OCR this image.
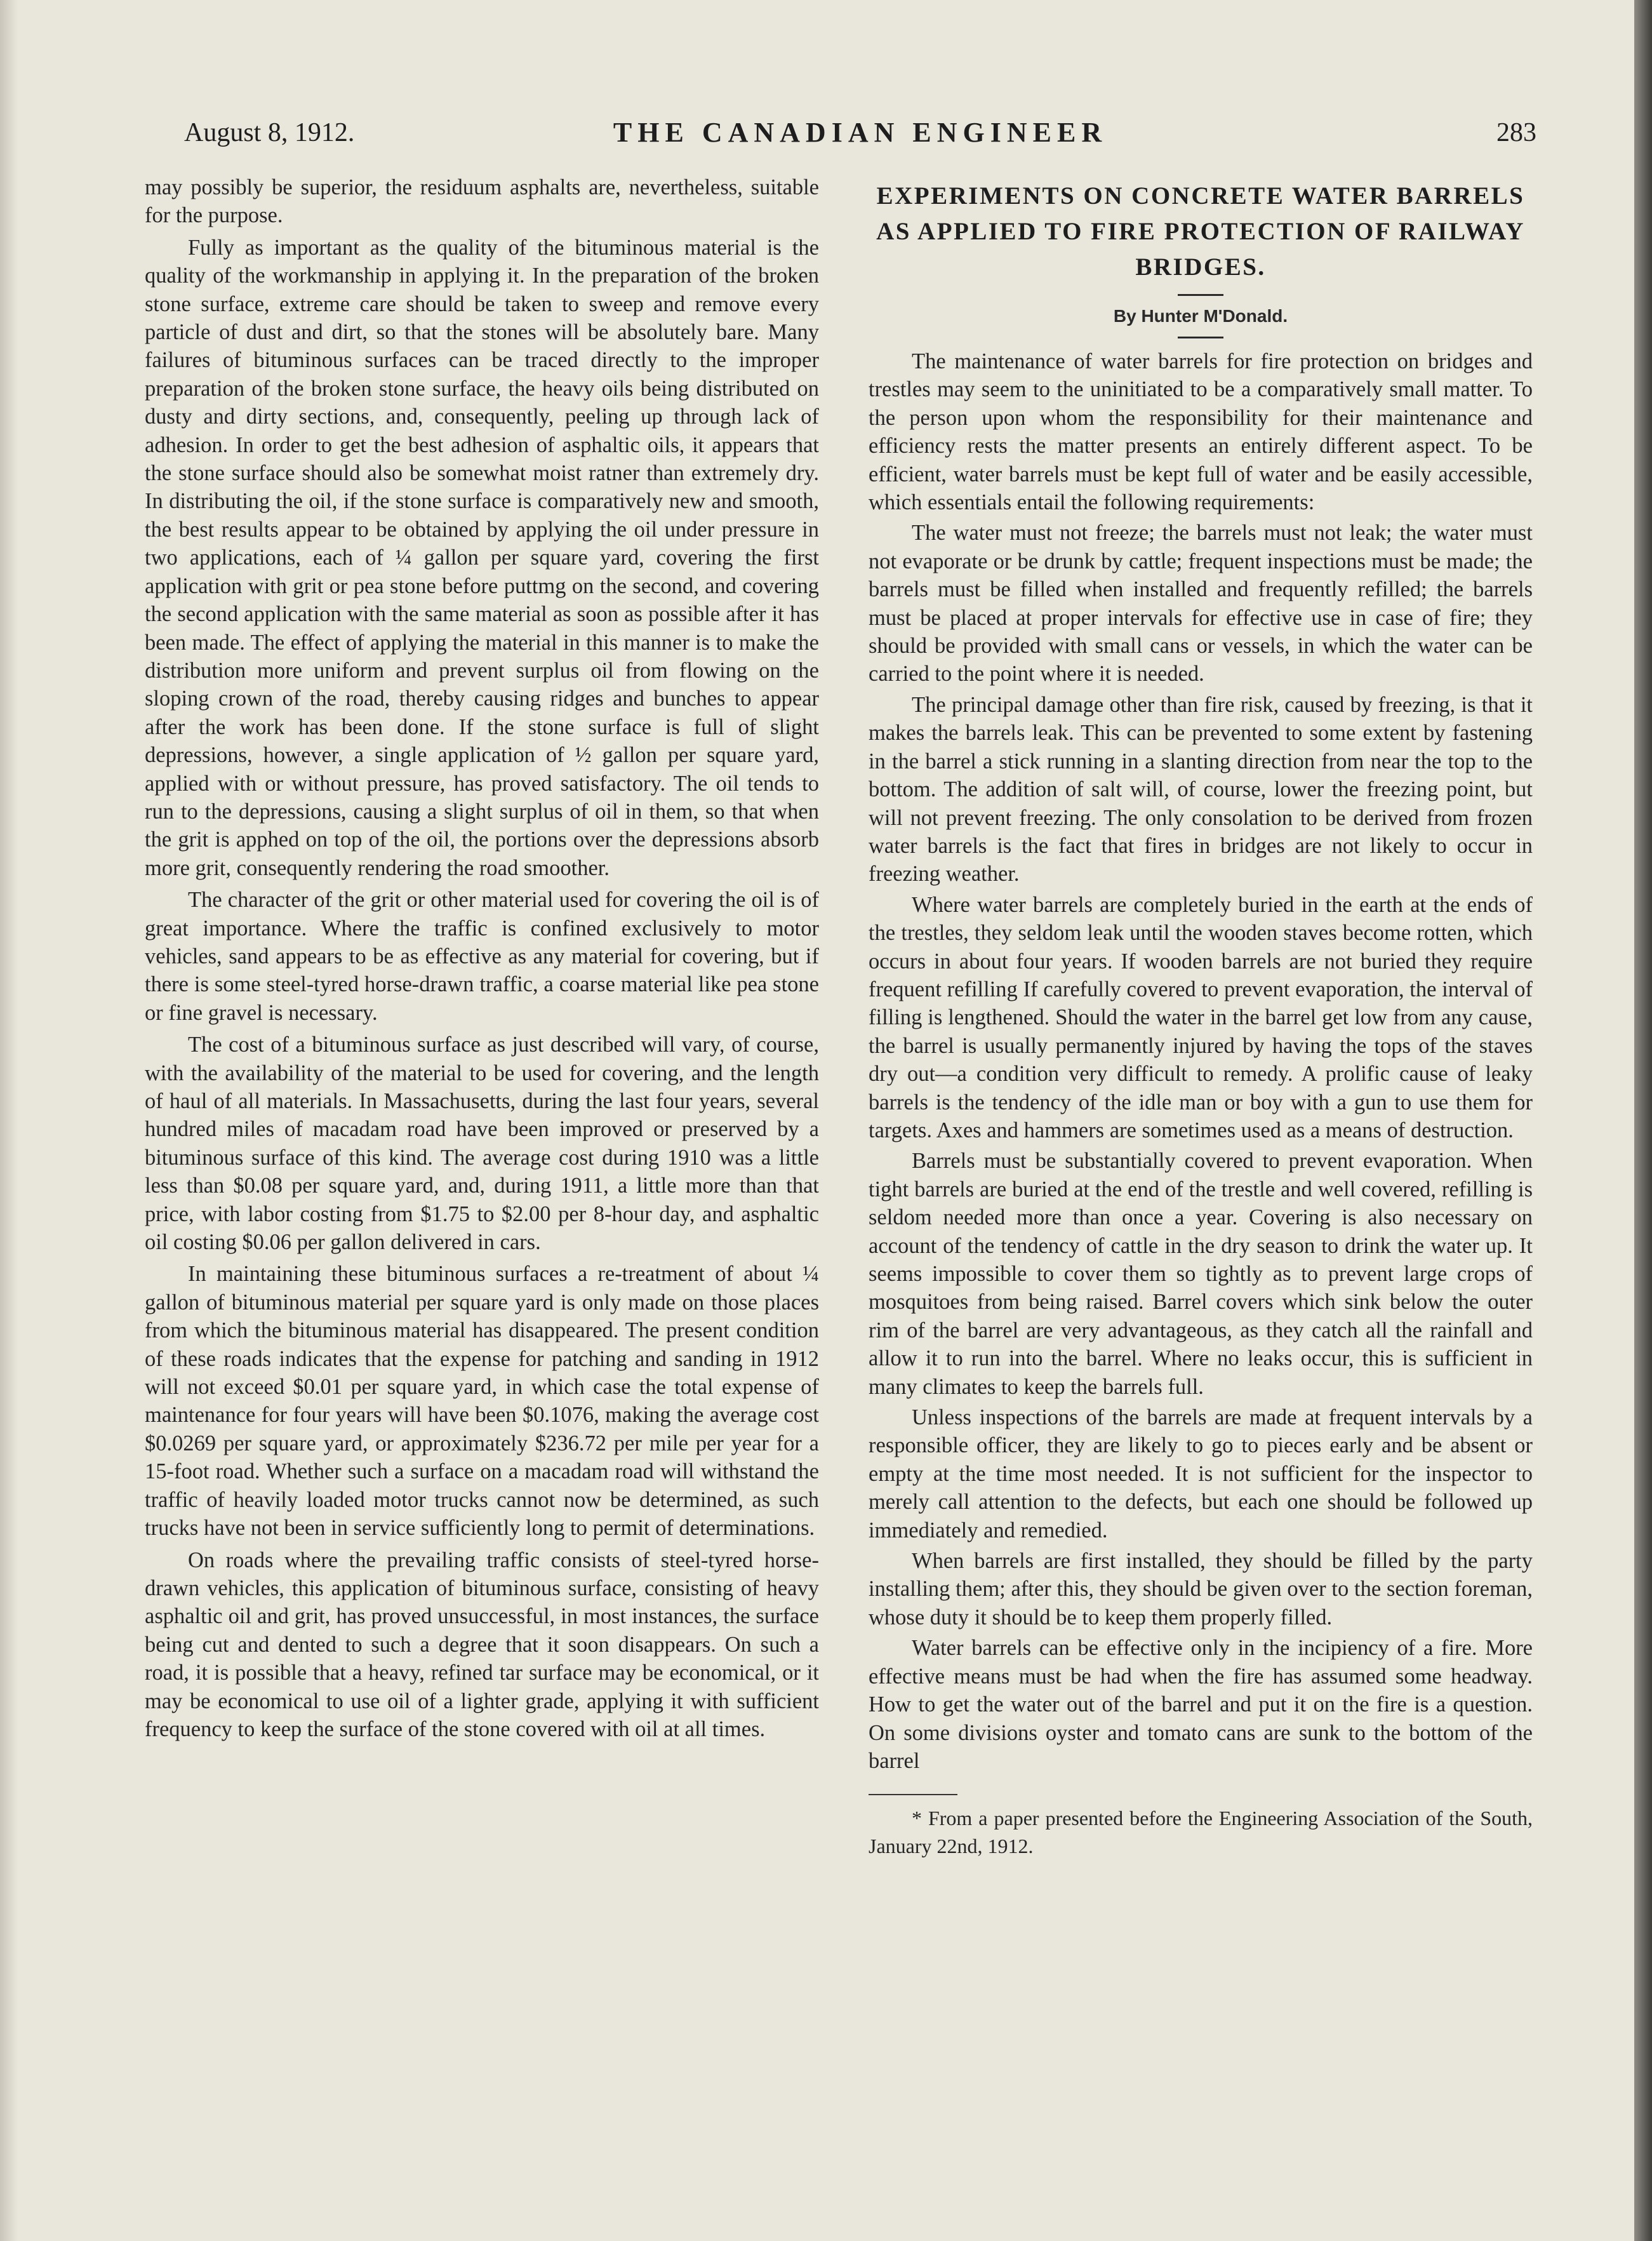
August 8, 1912.	THE CANADIAN ENGINEER	283

may possibly be superior, the residuum asphalts are, nevertheless, suitable for the purpose.

Fully as important as the quality of the bituminous material is the quality of the workmanship in applying it. In the preparation of the broken stone surface, extreme care should be taken to sweep and remove every particle of dust and dirt, so that the stones will be absolutely bare. Many failures of bituminous surfaces can be traced directly to the improper preparation of the broken stone surface, the heavy oils being distributed on dusty and dirty sections, and, consequently, peeling up through lack of adhesion. In order to get the best adhesion of asphaltic oils, it appears that the stone surface should also be somewhat moist ratner than extremely dry. In distributing the oil, if the stone surface is comparatively new and smooth, the best results appear to be obtained by applying the oil under pressure in two applications, each of ¼ gallon per square yard, covering the first application with grit or pea stone before puttmg on the second, and covering the second application with the same material as soon as possible after it has been made. The effect of applying the material in this manner is to make the distribution more uniform and prevent surplus oil from flowing on the sloping crown of the road, thereby causing ridges and bunches to appear after the work has been done. If the stone surface is full of slight depressions, however, a single application of ½ gallon per square yard, applied with or without pressure, has proved satisfactory. The oil tends to run to the depressions, causing a slight surplus of oil in them, so that when the grit is apphed on top of the oil, the portions over the depressions absorb more grit, consequently rendering the road smoother.

The character of the grit or other material used for covering the oil is of great importance. Where the traffic is confined exclusively to motor vehicles, sand appears to be as effective as any material for covering, but if there is some steel-tyred horse-drawn traffic, a coarse material like pea stone or fine gravel is necessary.

The cost of a bituminous surface as just described will vary, of course, with the availability of the material to be used for covering, and the length of haul of all materials. In Massachusetts, during the last four years, several hundred miles of macadam road have been improved or preserved by a bituminous surface of this kind. The average cost during 1910 was a little less than $0.08 per square yard, and, during 1911, a little more than that price, with labor costing from $1.75 to $2.00 per 8-hour day, and asphaltic oil costing $0.06 per gallon delivered in cars.

In maintaining these bituminous surfaces a re-treatment of about ¼ gallon of bituminous material per square yard is only made on those places from which the bituminous material has disappeared. The present condition of these roads indicates that the expense for patching and sanding in 1912 will not exceed $0.01 per square yard, in which case the total expense of maintenance for four years will have been $0.1076, making the average cost $0.0269 per square yard, or approximately $236.72 per mile per year for a 15-foot road. Whether such a surface on a macadam road will withstand the traffic of heavily loaded motor trucks cannot now be determined, as such trucks have not been in service sufficiently long to permit of determinations.

On roads where the prevailing traffic consists of steel-tyred horse-drawn vehicles, this application of bituminous surface, consisting of heavy asphaltic oil and grit, has proved unsuccessful, in most instances, the surface being cut and dented to such a degree that it soon disappears. On such a road, it is possible that a heavy, refined tar surface may be economical, or it may be economical to use oil of a lighter grade, applying it with sufficient frequency to keep the surface of the stone covered with oil at all times.

EXPERIMENTS ON CONCRETE WATER BARRELS AS APPLIED TO FIRE PROTECTION OF RAILWAY BRIDGES.
By Hunter M'Donald.

The maintenance of water barrels for fire protection on bridges and trestles may seem to the uninitiated to be a comparatively small matter. To the person upon whom the responsibility for their maintenance and efficiency rests the matter presents an entirely different aspect. To be efficient, water barrels must be kept full of water and be easily accessible, which essentials entail the following requirements:

The water must not freeze; the barrels must not leak; the water must not evaporate or be drunk by cattle; frequent inspections must be made; the barrels must be filled when installed and frequently refilled; the barrels must be placed at proper intervals for effective use in case of fire; they should be provided with small cans or vessels, in which the water can be carried to the point where it is needed.

The principal damage other than fire risk, caused by freezing, is that it makes the barrels leak. This can be prevented to some extent by fastening in the barrel a stick running in a slanting direction from near the top to the bottom. The addition of salt will, of course, lower the freezing point, but will not prevent freezing. The only consolation to be derived from frozen water barrels is the fact that fires in bridges are not likely to occur in freezing weather.

Where water barrels are completely buried in the earth at the ends of the trestles, they seldom leak until the wooden staves become rotten, which occurs in about four years. If wooden barrels are not buried they require frequent refilling If carefully covered to prevent evaporation, the interval of filling is lengthened. Should the water in the barrel get low from any cause, the barrel is usually permanently injured by having the tops of the staves dry out—a condition very difficult to remedy. A prolific cause of leaky barrels is the tendency of the idle man or boy with a gun to use them for targets. Axes and hammers are sometimes used as a means of destruction.

Barrels must be substantially covered to prevent evaporation. When tight barrels are buried at the end of the trestle and well covered, refilling is seldom needed more than once a year. Covering is also necessary on account of the tendency of cattle in the dry season to drink the water up. It seems impossible to cover them so tightly as to prevent large crops of mosquitoes from being raised. Barrel covers which sink below the outer rim of the barrel are very advantageous, as they catch all the rainfall and allow it to run into the barrel. Where no leaks occur, this is sufficient in many climates to keep the barrels full.

Unless inspections of the barrels are made at frequent intervals by a responsible officer, they are likely to go to pieces early and be absent or empty at the time most needed. It is not sufficient for the inspector to merely call attention to the defects, but each one should be followed up immediately and remedied.

When barrels are first installed, they should be filled by the party installing them; after this, they should be given over to the section foreman, whose duty it should be to keep them properly filled.

Water barrels can be effective only in the incipiency of a fire. More effective means must be had when the fire has assumed some headway. How to get the water out of the barrel and put it on the fire is a question. On some divisions oyster and tomato cans are sunk to the bottom of the barrel

* From a paper presented before the Engineering Association of the South, January 22nd, 1912.
